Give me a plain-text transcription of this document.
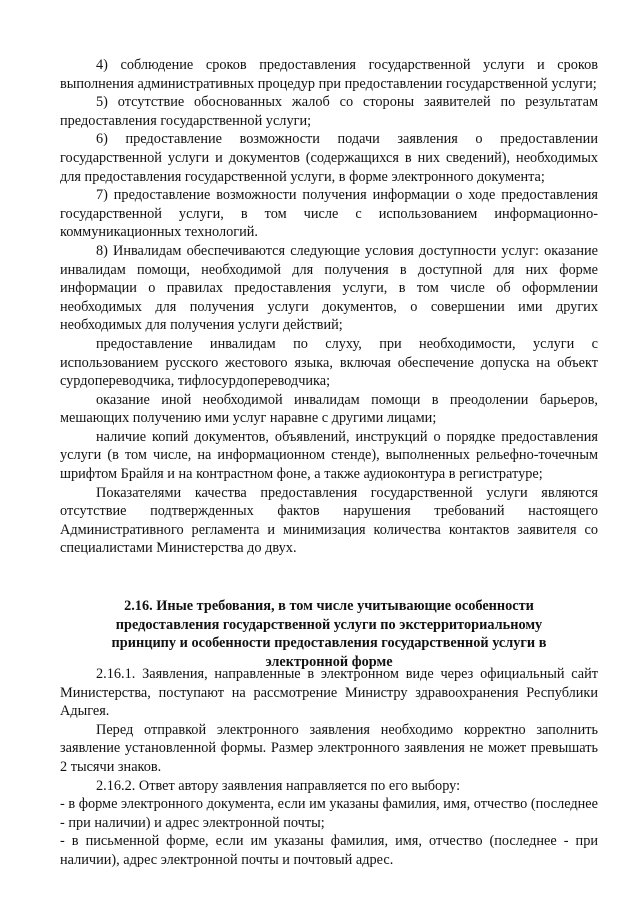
4) соблюдение сроков предоставления государственной услуги и сроков выполнения административных процедур при предоставлении государственной услуги;

5) отсутствие обоснованных жалоб со стороны заявителей по результатам предоставления государственной услуги;

6) предоставление возможности подачи заявления о предоставлении государственной услуги и документов (содержащихся в них сведений), необходимых для предоставления государственной услуги, в форме электронного документа;

7) предоставление возможности получения информации о ходе предоставления государственной услуги, в том числе с использованием информационно-коммуникационных технологий.

8) Инвалидам обеспечиваются следующие условия доступности услуг: оказание инвалидам помощи, необходимой для получения в доступной для них форме информации о правилах предоставления услуги, в том числе об оформлении необходимых для получения услуги документов, о совершении ими других необходимых для получения услуги действий;

предоставление инвалидам по слуху, при необходимости, услуги с использованием русского жестового языка, включая обеспечение допуска на объект сурдопереводчика, тифлосурдопереводчика;

оказание иной необходимой инвалидам помощи в преодолении барьеров, мешающих получению ими услуг наравне с другими лицами;

наличие копий документов, объявлений, инструкций о порядке предоставления услуги (в том числе, на информационном стенде), выполненных рельефно-точечным шрифтом Брайля и на контрастном фоне, а также аудиоконтура в регистратуре;

Показателями качества предоставления государственной услуги являются отсутствие подтвержденных фактов нарушения требований настоящего Административного регламента и минимизация количества контактов заявителя со специалистами Министерства до двух.

2.16. Иные требования, в том числе учитывающие особенности предоставления государственной услуги по экстерриториальному принципу и особенности предоставления государственной услуги в электронной форме

2.16.1. Заявления, направленные в электронном виде через официальный сайт Министерства, поступают на рассмотрение Министру здравоохранения Республики Адыгея.

Перед отправкой электронного заявления необходимо корректно заполнить заявление установленной формы. Размер электронного заявления не может превышать 2 тысячи знаков.

2.16.2. Ответ автору заявления направляется по его выбору:

- в форме электронного документа, если им указаны фамилия, имя, отчество (последнее - при наличии) и адрес электронной почты;

- в письменной форме, если им указаны фамилия, имя, отчество (последнее - при наличии), адрес электронной почты и почтовый адрес.
